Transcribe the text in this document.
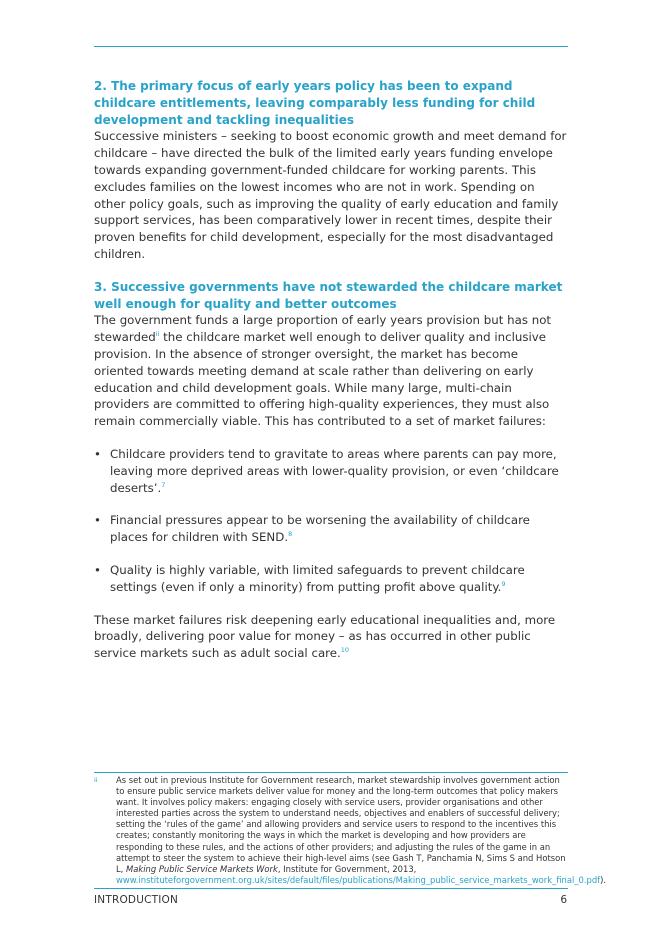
2. The primary focus of early years policy has been to expand childcare entitlements, leaving comparably less funding for child development and tackling inequalities

Successive ministers – seeking to boost economic growth and meet demand for childcare – have directed the bulk of the limited early years funding envelope towards expanding government-funded childcare for working parents. This excludes families on the lowest incomes who are not in work. Spending on other policy goals, such as improving the quality of early education and family support services, has been comparatively lower in recent times, despite their proven benefits for child development, especially for the most disadvantaged children.

3. Successive governments have not stewarded the childcare market well enough for quality and better outcomes

The government funds a large proportion of early years provision but has not stewarded$^{ii}$ the childcare market well enough to deliver quality and inclusive provision. In the absence of stronger oversight, the market has become oriented towards meeting demand at scale rather than delivering on early education and child development goals. While many large, multi-chain providers are committed to offering high-quality experiences, they must also remain commercially viable. This has contributed to a set of market failures:

• Childcare providers tend to gravitate to areas where parents can pay more, leaving more deprived areas with lower-quality provision, or even ‘childcare deserts’.$^7$
• Financial pressures appear to be worsening the availability of childcare places for children with SEND.$^8$
• Quality is highly variable, with limited safeguards to prevent childcare settings (even if only a minority) from putting profit above quality.$^9$

These market failures risk deepening early educational inequalities and, more broadly, delivering poor value for money – as has occurred in other public service markets such as adult social care.$^{10}$

ii As set out in previous Institute for Government research, market stewardship involves government action to ensure public service markets deliver value for money and the long-term outcomes that policy makers want. It involves policy makers: engaging closely with service users, provider organisations and other interested parties across the system to understand needs, objectives and enablers of successful delivery; setting the ‘rules of the game’ and allowing providers and service users to respond to the incentives this creates; constantly monitoring the ways in which the market is developing and how providers are responding to these rules, and the actions of other providers; and adjusting the rules of the game in an attempt to steer the system to achieve their high-level aims (see Gash T, Panchamia N, Sims S and Hotson L, Making Public Service Markets Work, Institute for Government, 2013, www.instituteforgovernment.org.uk/sites/default/files/publications/Making_public_service_markets_work_final_0.pdf).
INTRODUCTION	6
